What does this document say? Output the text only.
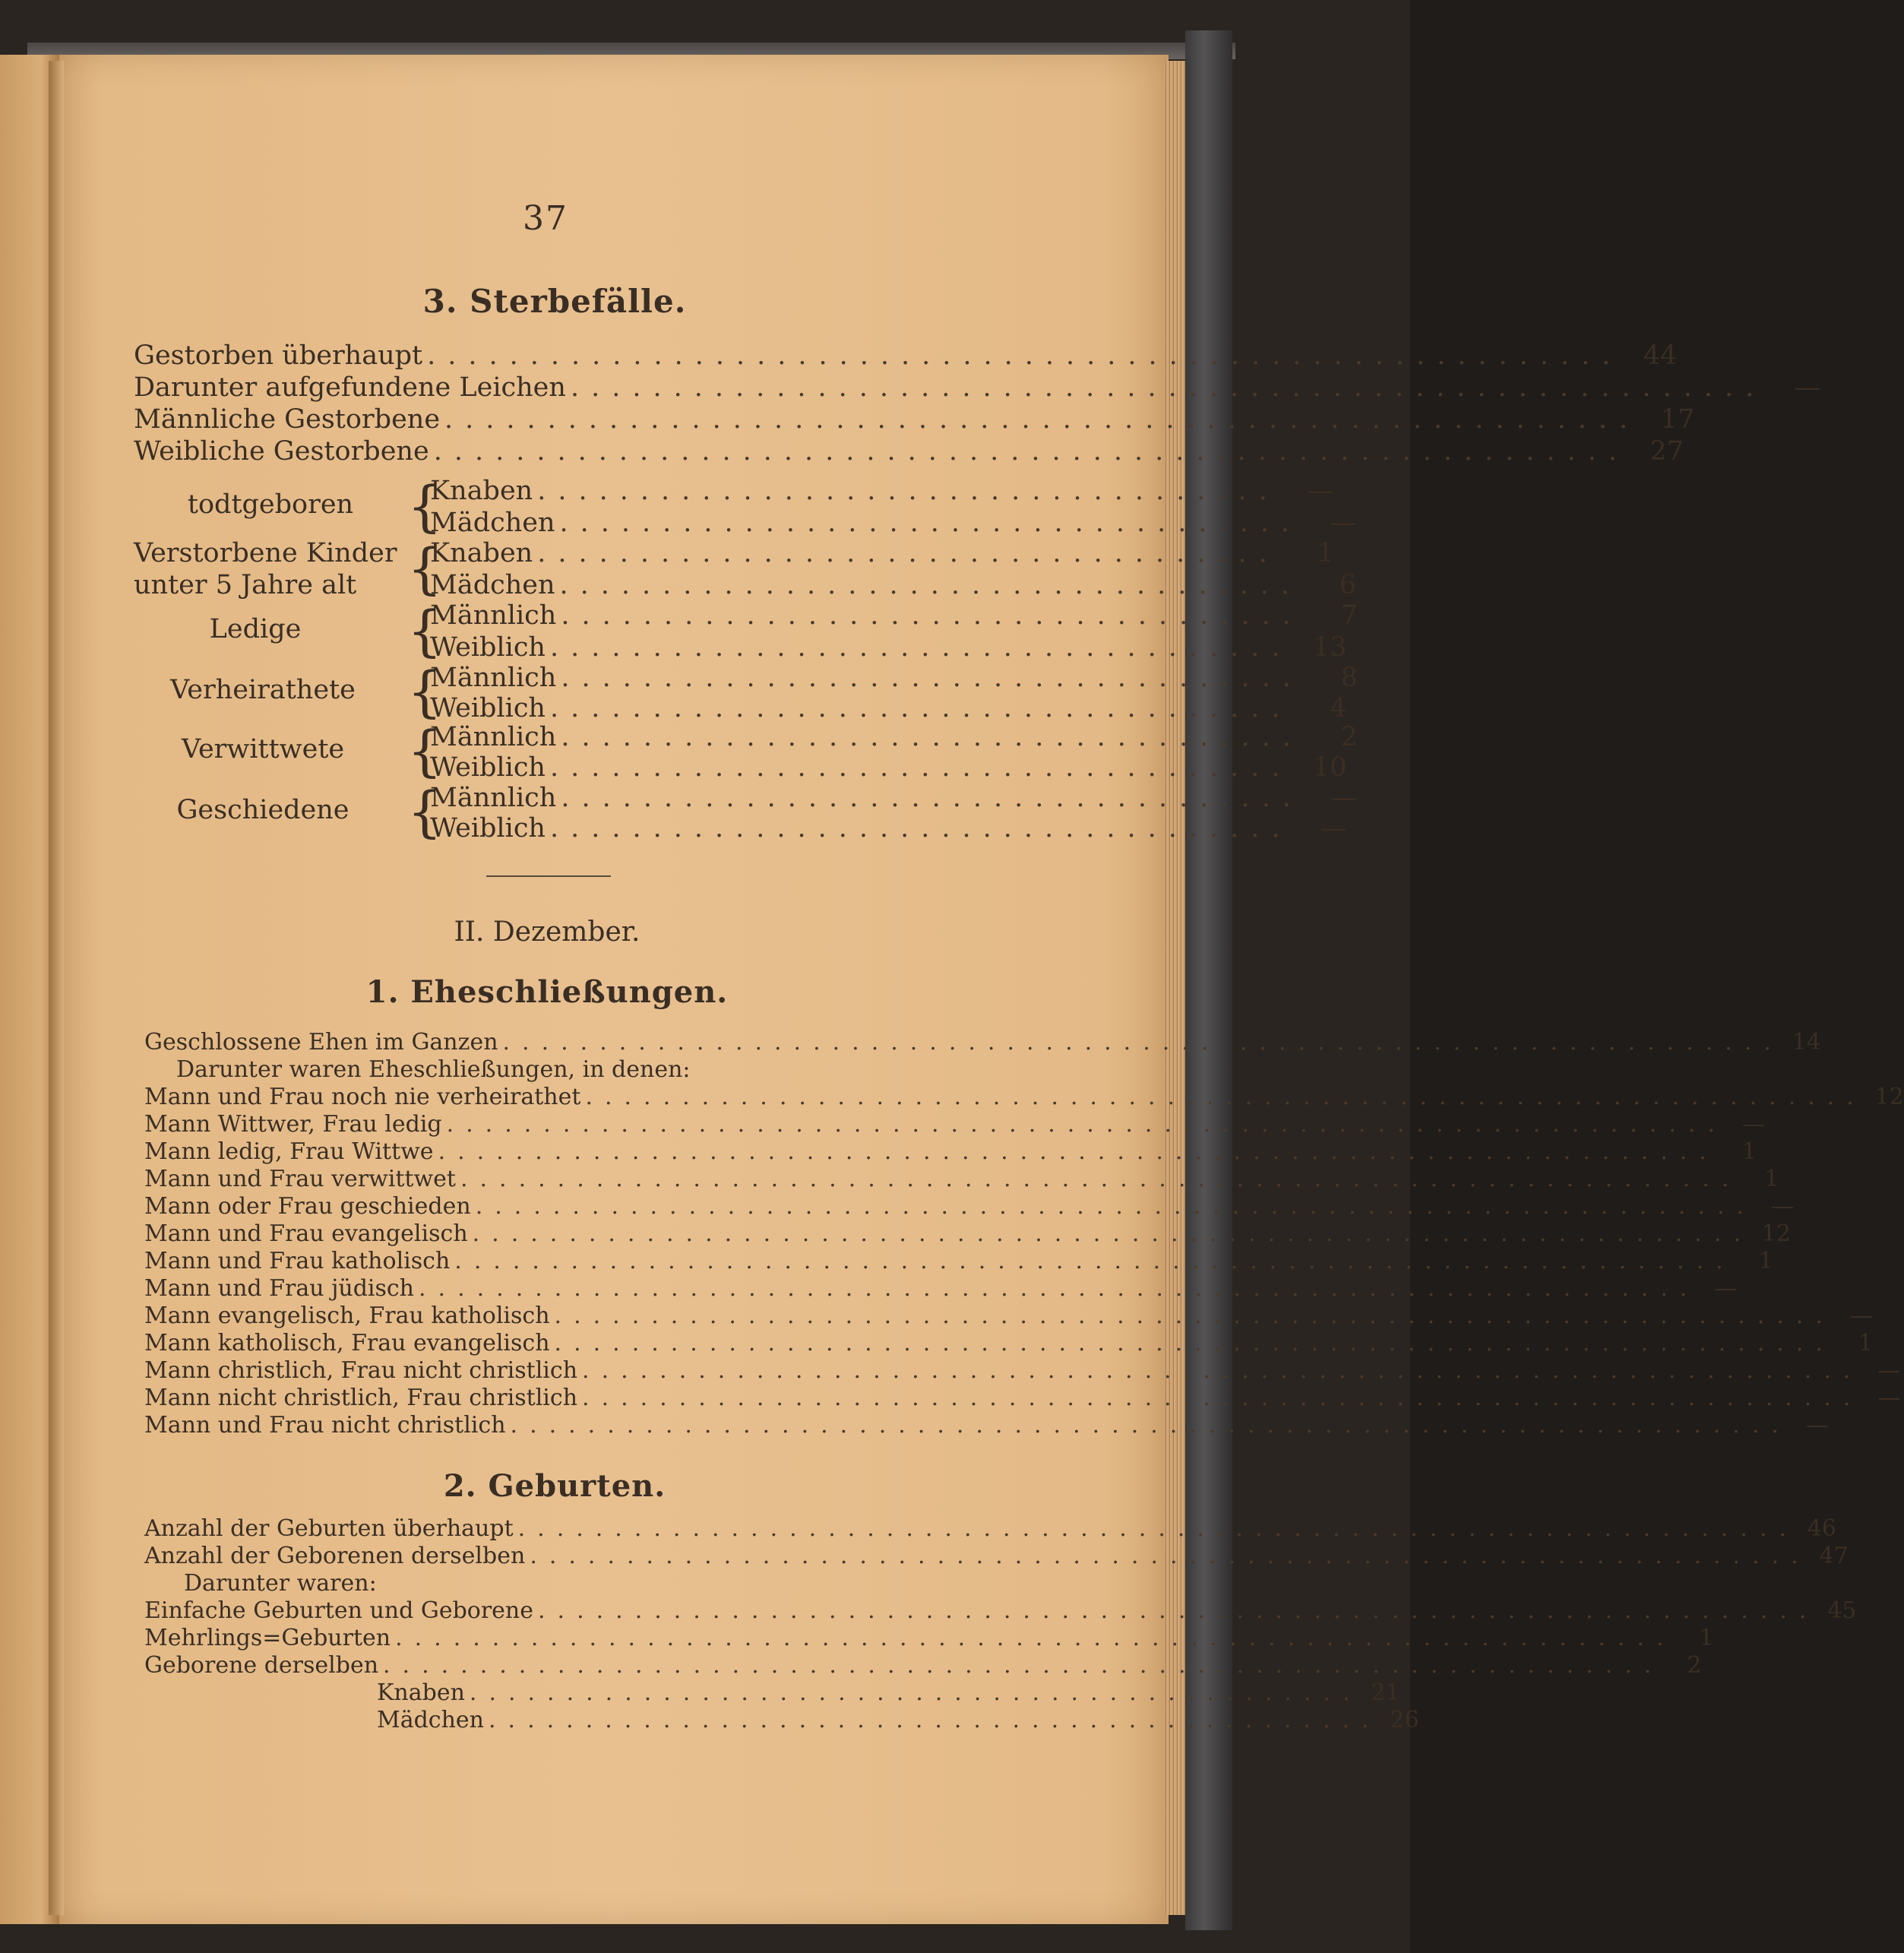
37
3. Sterbefälle.
Gestorben überhaupt .......................................................... 44
Darunter aufgefundene Leichen ..........................................................	—
Männliche Gestorbene .......................................................... 17
Weibliche Gestorbene .......................................................... 27
todtgeboren {
Knaben ....................................	—
Mädchen ....................................	—
Verstorbene Kinder
unter 5 Jahre alt {
Knaben ....................................	1
Mädchen ....................................	6
Ledige	{
Männlich ....................................	7
Weiblich .................................... 13
Verheirathete {
Männlich ....................................	8
Weiblich ....................................	4
Verwittwete	{
Männlich ....................................	2
Weiblich .................................... 10
Geschiedene	{
Männlich ....................................	—
Weiblich ....................................	—
II. Dezember.
1. Eheschließungen.
Geschlossene Ehen im Ganzen .................................................................. 14
Darunter waren Eheschließungen, in denen:
Mann und Frau noch nie verheirathet .................................................................. 12
Mann Wittwer, Frau ledig .................................................................. —
Mann ledig, Frau Wittwe ..................................................................	1
Mann und Frau verwittwet ..................................................................	1
Mann oder Frau geschieden .................................................................. —
Mann und Frau evangelisch .................................................................. 12
Mann und Frau katholisch ..................................................................	1
Mann und Frau jüdisch .................................................................. —
Mann evangelisch, Frau katholisch .................................................................. —
Mann katholisch, Frau evangelisch ..................................................................	1
Mann christlich, Frau nicht christlich .................................................................. —
Mann nicht christlich, Frau christlich .................................................................. —
Mann und Frau nicht christlich .................................................................. —
2. Geburten.
Anzahl der Geburten überhaupt .................................................................. 46
Anzahl der Geborenen derselben .................................................................. 47
Darunter waren:
Einfache Geburten und Geborene .................................................................. 45
Mehrlings=Geburten ..................................................................	1
Geborene derselben ..................................................................	2
Knaben .............................................. 21
Mädchen .............................................. 26
